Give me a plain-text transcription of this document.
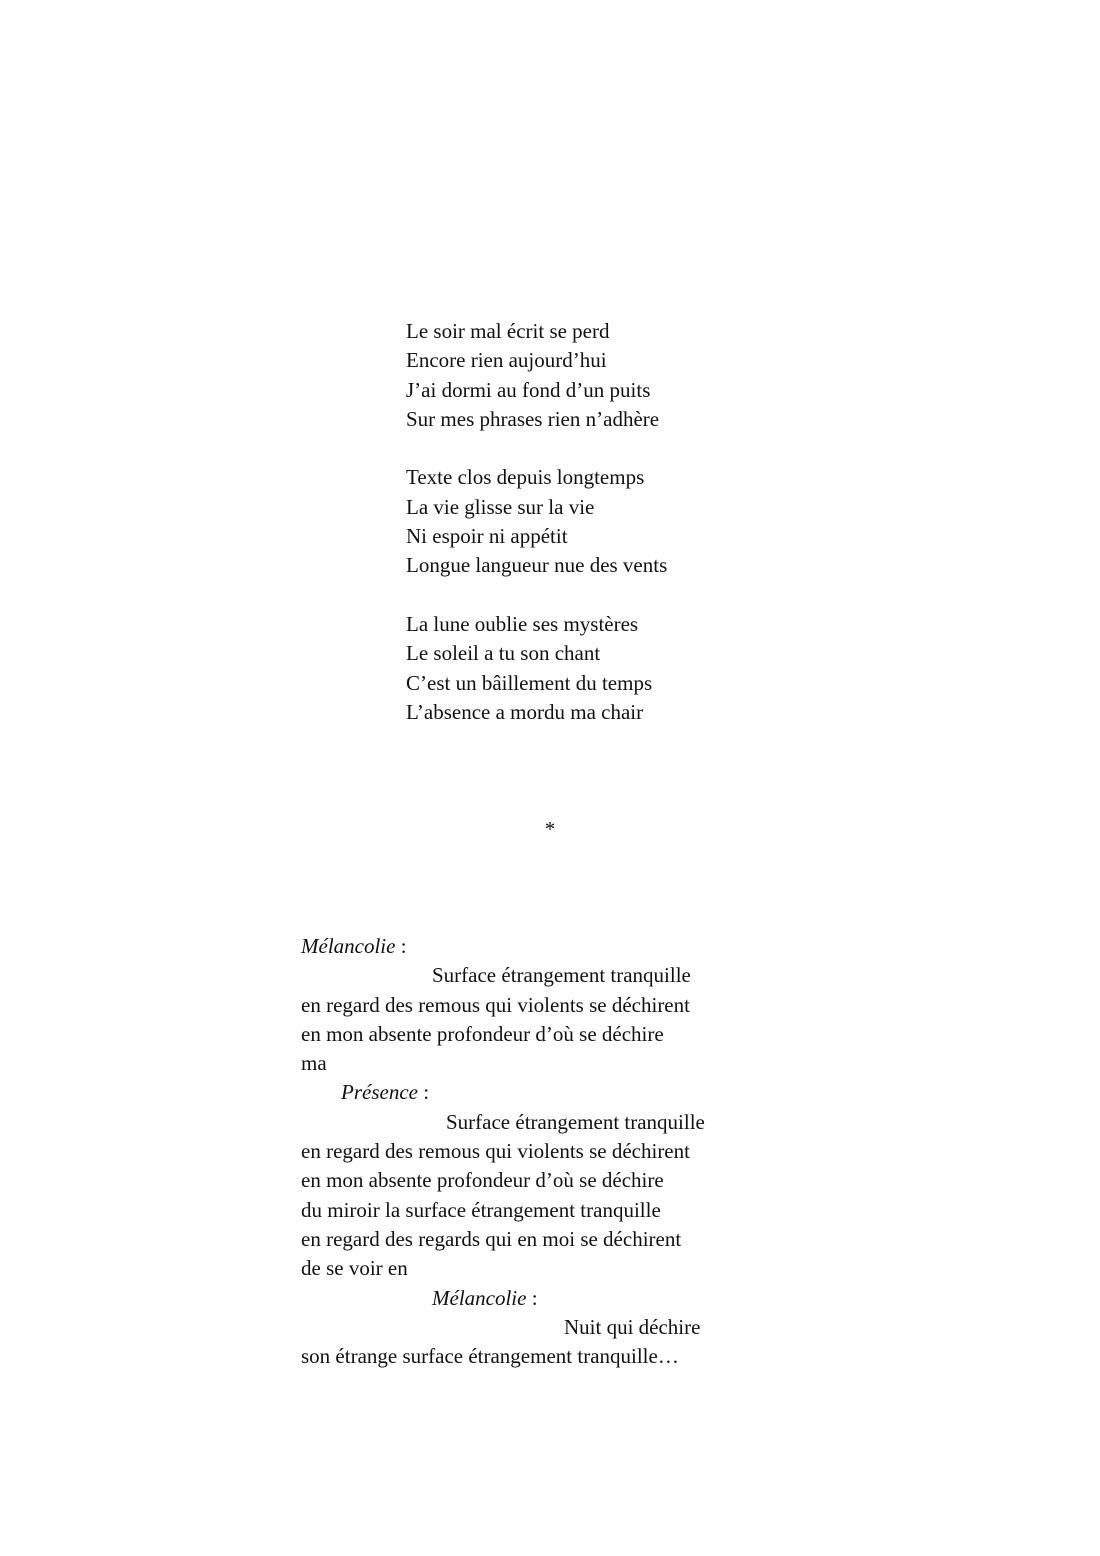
Le soir mal écrit se perd
Encore rien aujourd’hui
J’ai dormi au fond d’un puits
Sur mes phrases rien n’adhère
Texte clos depuis longtemps
La vie glisse sur la vie
Ni espoir ni appétit
Longue langueur nue des vents
La lune oublie ses mystères
Le soleil a tu son chant
C’est un bâillement du temps
L’absence a mordu ma chair
*
Mélancolie :
Surface étrangement tranquille
en regard des remous qui violents se déchirent
en mon absente profondeur d’où se déchire
ma
Présence :
Surface étrangement tranquille
en regard des remous qui violents se déchirent
en mon absente profondeur d’où se déchire
du miroir la surface étrangement tranquille
en regard des regards qui en moi se déchirent
de se voir en
Mélancolie :
Nuit qui déchire
son étrange surface étrangement tranquille…
